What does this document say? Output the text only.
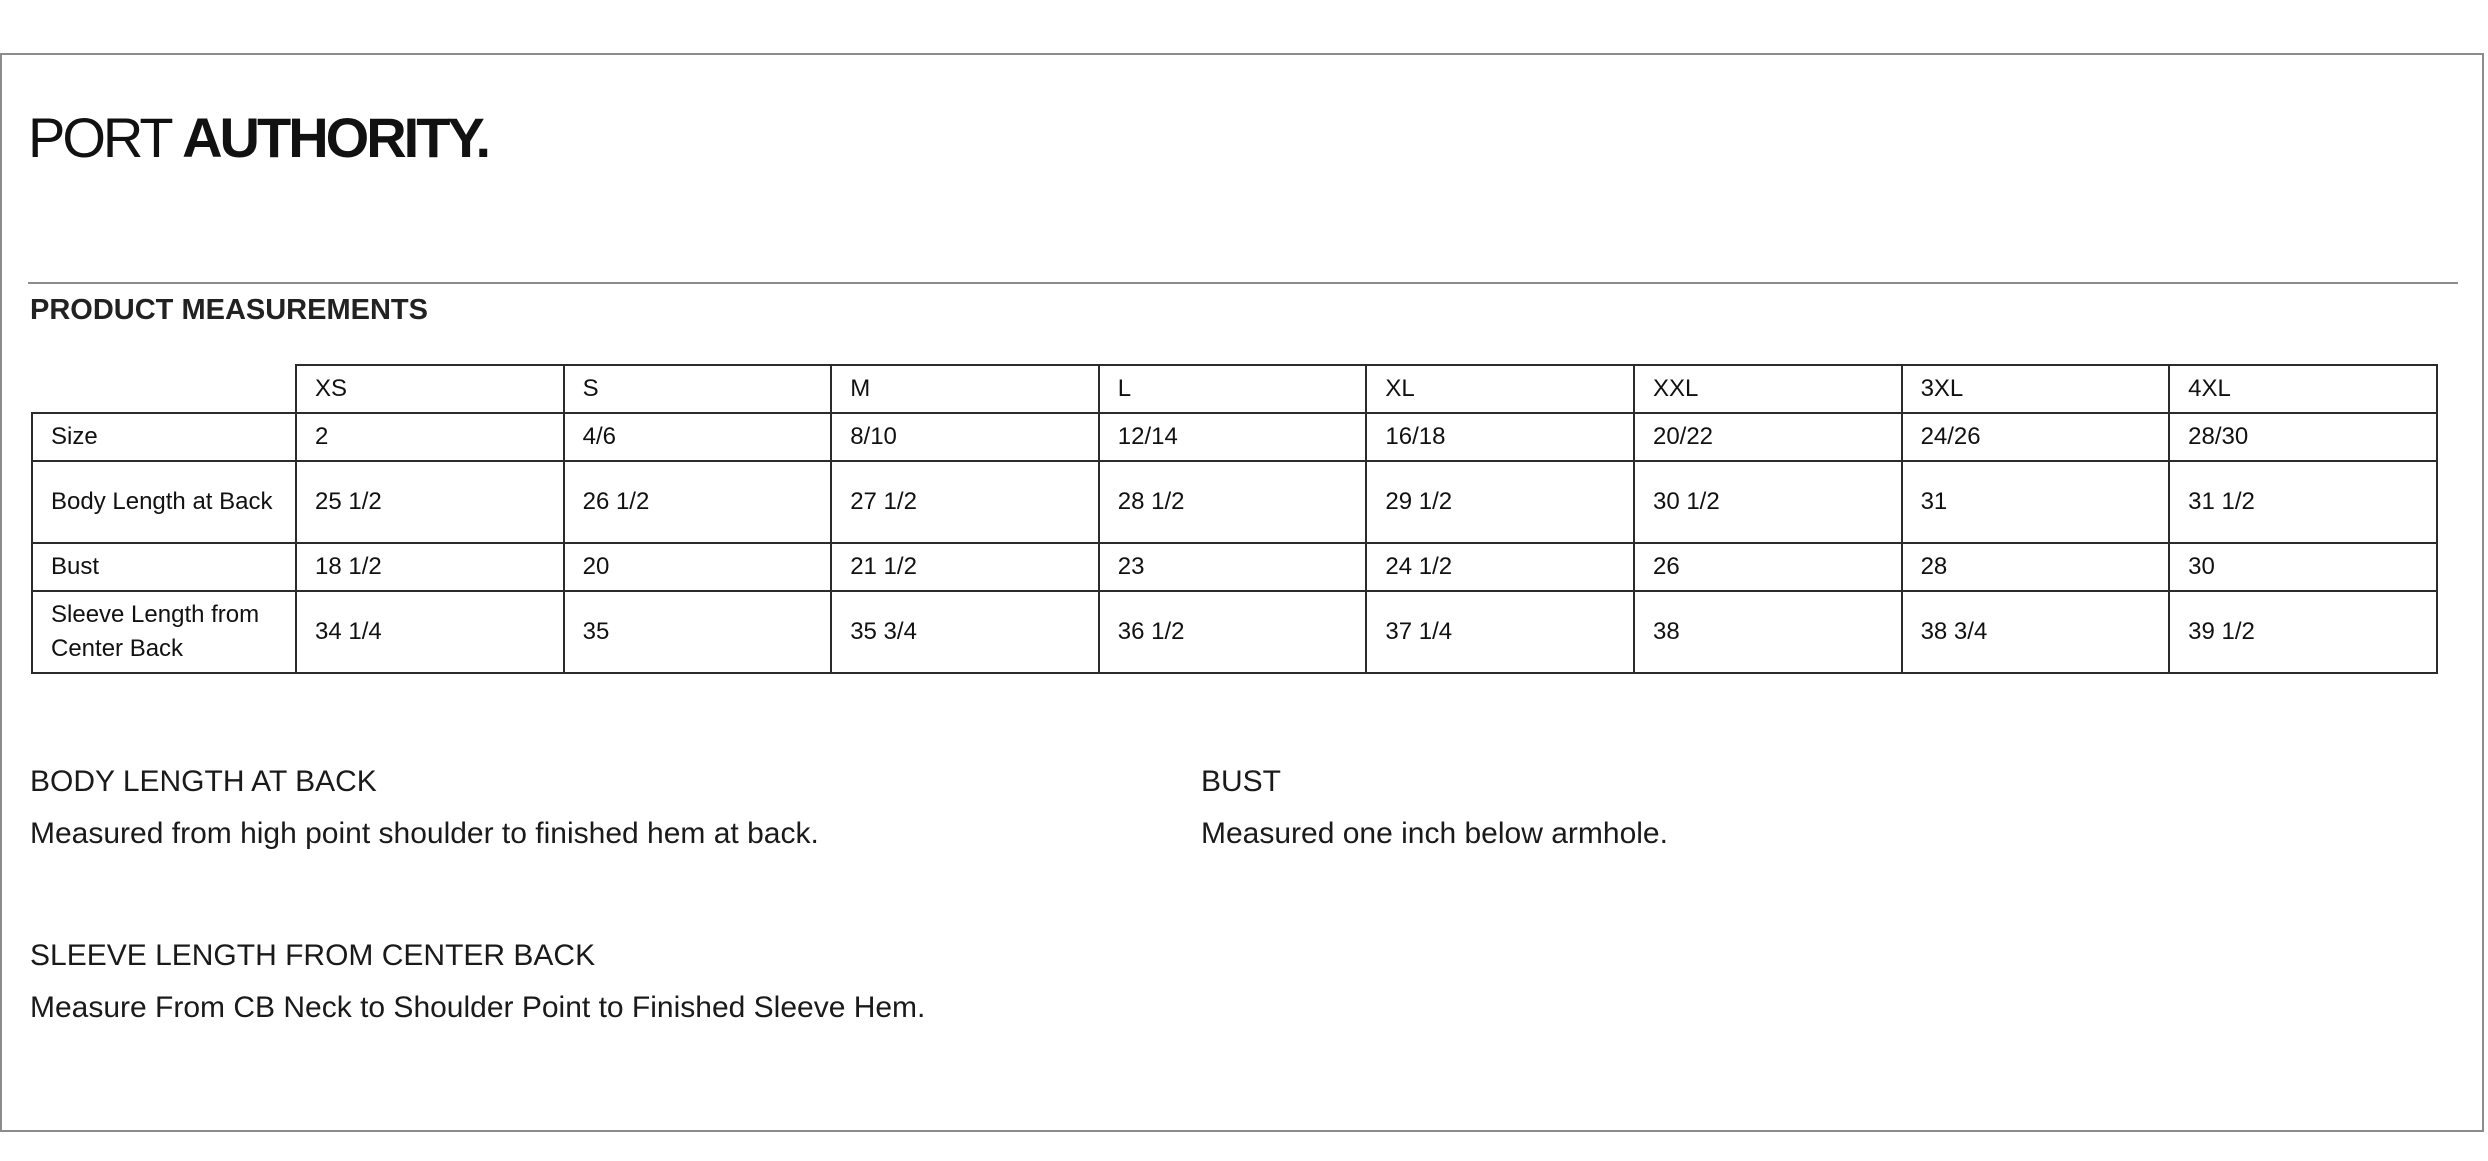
PORT AUTHORITY.
PRODUCT MEASUREMENTS
	XS	S	M	L	XL	XXL	3XL	4XL
Size	2	4/6	8/10	12/14	16/18	20/22	24/26	28/30
Body Length at Back	25 1/2	26 1/2	27 1/2	28 1/2	29 1/2	30 1/2	31	31 1/2
Bust	18 1/2	20	21 1/2	23	24 1/2	26	28	30
Sleeve Length from Center Back	34 1/4	35	35 3/4	36 1/2	37 1/4	38	38 3/4	39 1/2
BODY LENGTH AT BACK
Measured from high point shoulder to finished hem at back.
BUST
Measured one inch below armhole.
SLEEVE LENGTH FROM CENTER BACK
Measure From CB Neck to Shoulder Point to Finished Sleeve Hem.
